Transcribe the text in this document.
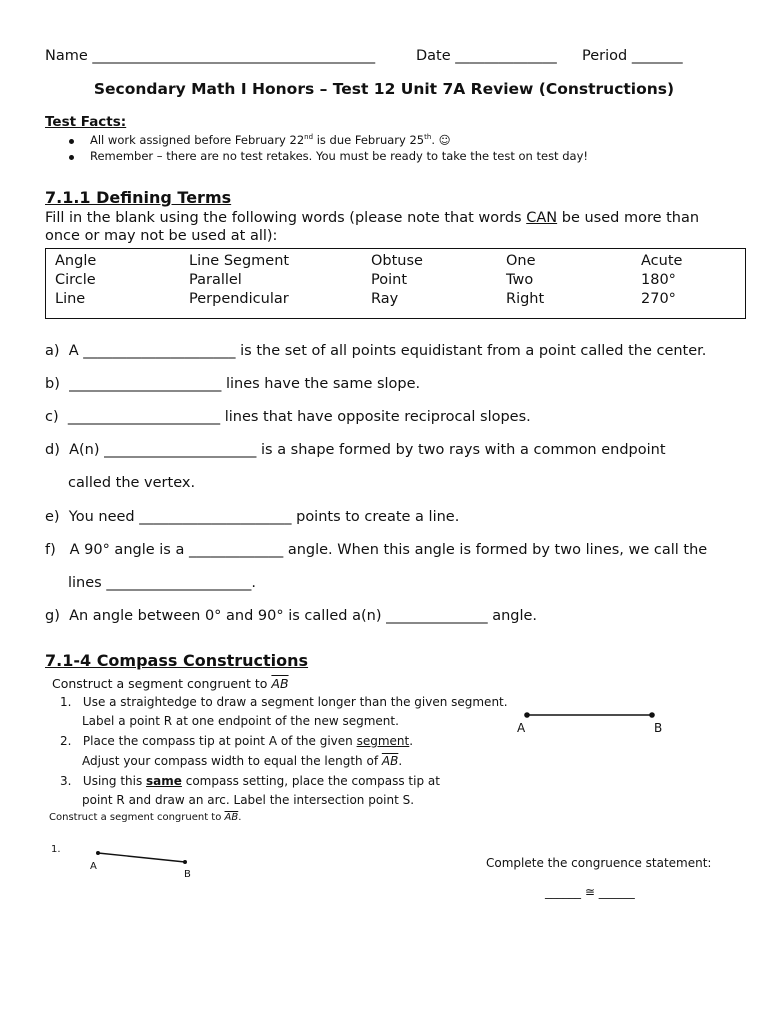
Name _______________________________________	Date ______________ Period _______
Secondary Math I Honors – Test 12 Unit 7A Review (Constructions)
Test Facts:
All work assigned before February 22nd is due February 25th. ☺
Remember – there are no test retakes. You must be ready to take the test on test day!
7.1.1 Defining Terms
Fill in the blank using the following words (please note that words CAN be used more than
once or may not be used at all):
Angle	Line Segment	Obtuse	One	Acute
Circle	Parallel	Point	Two	180°
Line	Perpendicular	Ray	Right	270°
a) A _____________________ is the set of all points equidistant from a point called the center.
b) _____________________ lines have the same slope.
c) _____________________ lines that have opposite reciprocal slopes.
d) A(n) _____________________ is a shape formed by two rays with a common endpoint
called the vertex.
e) You need _____________________ points to create a line.
f) A 90° angle is a _____________ angle. When this angle is formed by two lines, we call the
lines ____________________.
g) An angle between 0° and 90° is called a(n) ______________ angle.
7.1-4 Compass Constructions
Construct a segment congruent to $\overline{AB}$
1. Use a straightedge to draw a segment longer than the given segment.
Label a point R at one endpoint of the new segment.
2. Place the compass tip at point A of the given segment.
Adjust your compass width to equal the length of $\overline{AB}$.
3. Using this same compass setting, place the compass tip at
point R and draw an arc. Label the intersection point S.
A	B
Construct a segment congruent to $\overline{AB}$.
1.
A
B
Complete the congruence statement:
______ ≅ ______
